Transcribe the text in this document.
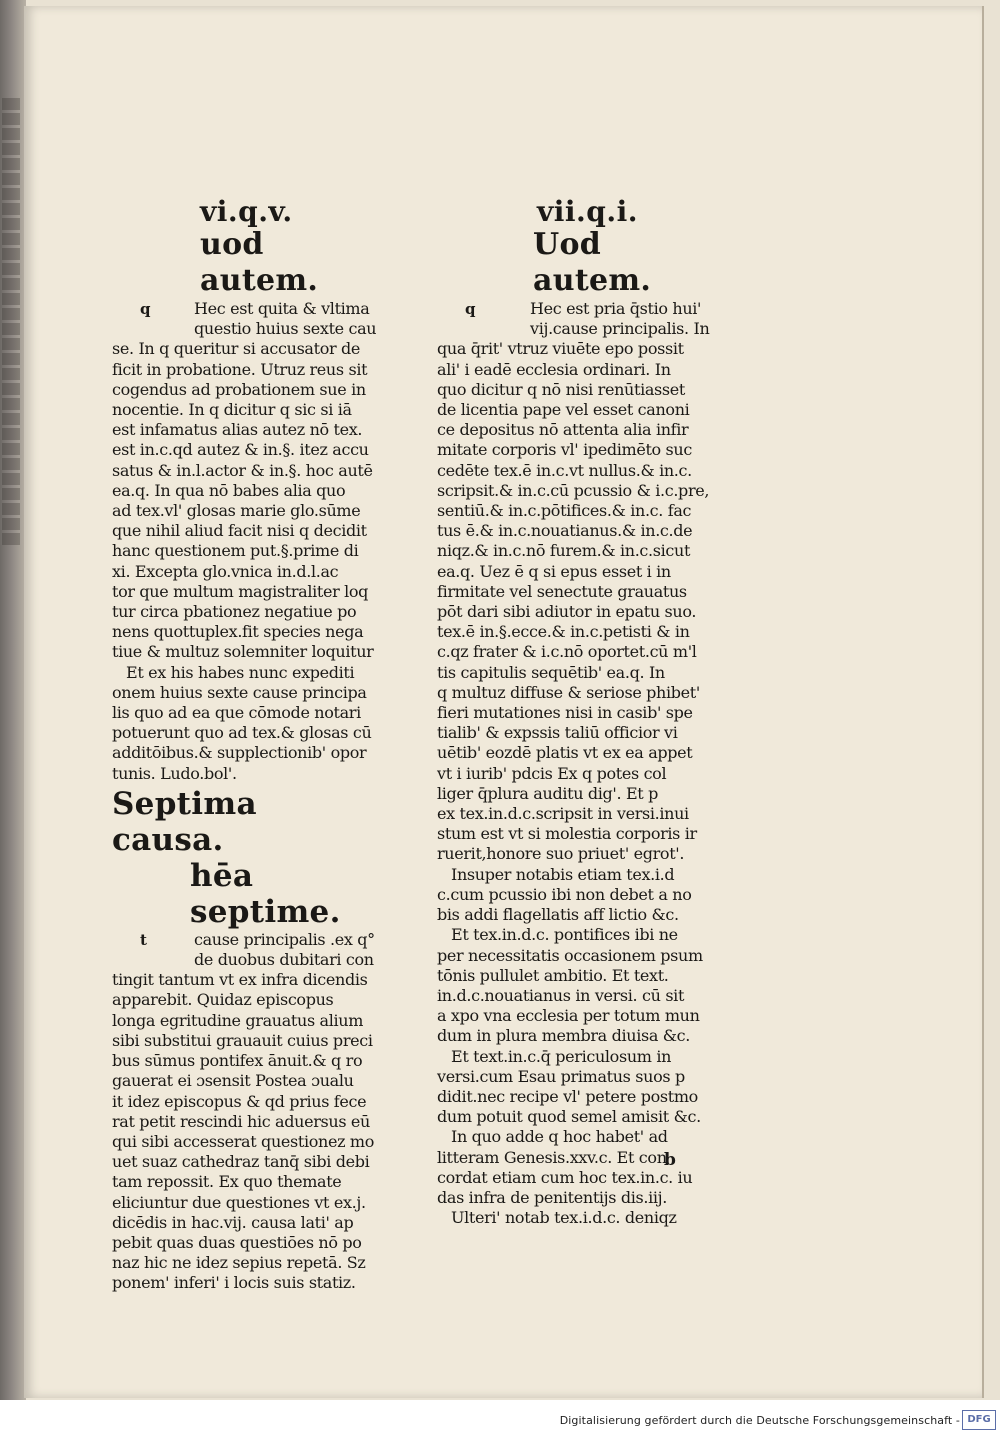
vi.q.v.
uod autem.
q	Hec est quita & vltima
questio huius sexte cau
se. In q queritur si accusator de
ficit in probatione. Utruz reus sit
cogendus ad probationem sue in
nocentie. In q dicitur q sic si iā
est infamatus alias autez nō tex.
est in.c.qd autez & in.§. itez accu
satus & in.l.actor & in.§. hoc autē
ea.q. In qua nō babes alia quo
ad tex.vl' glosas marie glo.sūme
que nihil aliud facit nisi q decidit
hanc questionem put.§.prime di
xi. Excepta glo.vnica in.d.l.ac
tor que multum magistraliter loq
tur circa pbationez negatiue po
nens quottuplex.fit species nega
tiue & multuz solemniter loquitur
Et ex his habes nunc expediti
onem huius sexte cause principa
lis quo ad ea que cōmode notari
potuerunt quo ad tex.& glosas cū
additōibus.& supplectionib' opor
tunis. Ludo.bol'.
Septima causa.
hēa septime.
t	cause principalis .ex q°
de duobus dubitari con
tingit tantum vt ex infra dicendis
apparebit. Quidaz episcopus
longa egritudine grauatus alium
sibi substitui grauauit cuius preci
bus sūmus pontifex ānuit.& q ro
gauerat ei ɔsensit Postea ɔualu
it idez episcopus & qd prius fece
rat petit rescindi hic aduersus eū
qui sibi accesserat questionez mo
uet suaz cathedraz tanq̄ sibi debi
tam repossit. Ex quo themate
eliciuntur due questiones vt ex.j.
dicēdis in hac.vij. causa lati' ap
pebit quas duas questiōes nō po
naz hic ne idez sepius repetā. Sz
ponem' inferi' i locis suis statiz.
vii.q.i.
Uod autem.
q	Hec est pria q̄stio hui'
vij.cause principalis. In
qua q̄rit' vtruz viuēte epo possit
ali' i eadē ecclesia ordinari. In
quo dicitur q nō nisi renūtiasset
de licentia pape vel esset canoni
ce depositus nō attenta alia infir
mitate corporis vl' ipedimēto suc
cedēte tex.ē in.c.vt nullus.& in.c.
scripsit.& in.c.cū pcussio & i.c.pre,
sentiū.& in.c.pōtifices.& in.c. fac
tus ē.& in.c.nouatianus.& in.c.de
niqz.& in.c.nō furem.& in.c.sicut
ea.q. Uez ē q si epus esset i in
firmitate vel senectute grauatus
pōt dari sibi adiutor in epatu suo.
tex.ē in.§.ecce.& in.c.petisti & in
c.qz frater & i.c.nō oportet.cū m'l
tis capitulis sequētib' ea.q. In
q multuz diffuse & seriose phibet'
fieri mutationes nisi in casib' spe
tialib' & expssis taliū officior vi
uētib' eozdē platis vt ex ea appet
vt i iurib' pdcis Ex q potes col
liger q̄plura auditu dig'. Et p
ex tex.in.d.c.scripsit in versi.inui
stum est vt si molestia corporis ir
ruerit,honore suo priuet' egrot'.
Insuper notabis etiam tex.i.d
c.cum pcussio ibi non debet a no
bis addi flagellatis aff lictio &c.
Et tex.in.d.c. pontifices ibi ne
per necessitatis occasionem psum
tōnis pullulet ambitio. Et text.
in.d.c.nouatianus in versi. cū sit
a xpo vna ecclesia per totum mun
dum in plura membra diuisa &c.
Et text.in.c.q̄ periculosum in
versi.cum Esau primatus suos p
didit.nec recipe vl' petere postmo
dum potuit quod semel amisit &c.
In quo adde q hoc habet' ad
litteram Genesis.xxv.c. Et con
cordat etiam cum hoc tex.in.c. iu
das infra de penitentijs dis.iij.
Ulteri' notab tex.i.d.c. deniqz
b
Digitalisierung gefördert durch die Deutsche Forschungsgemeinschaft - DFG
